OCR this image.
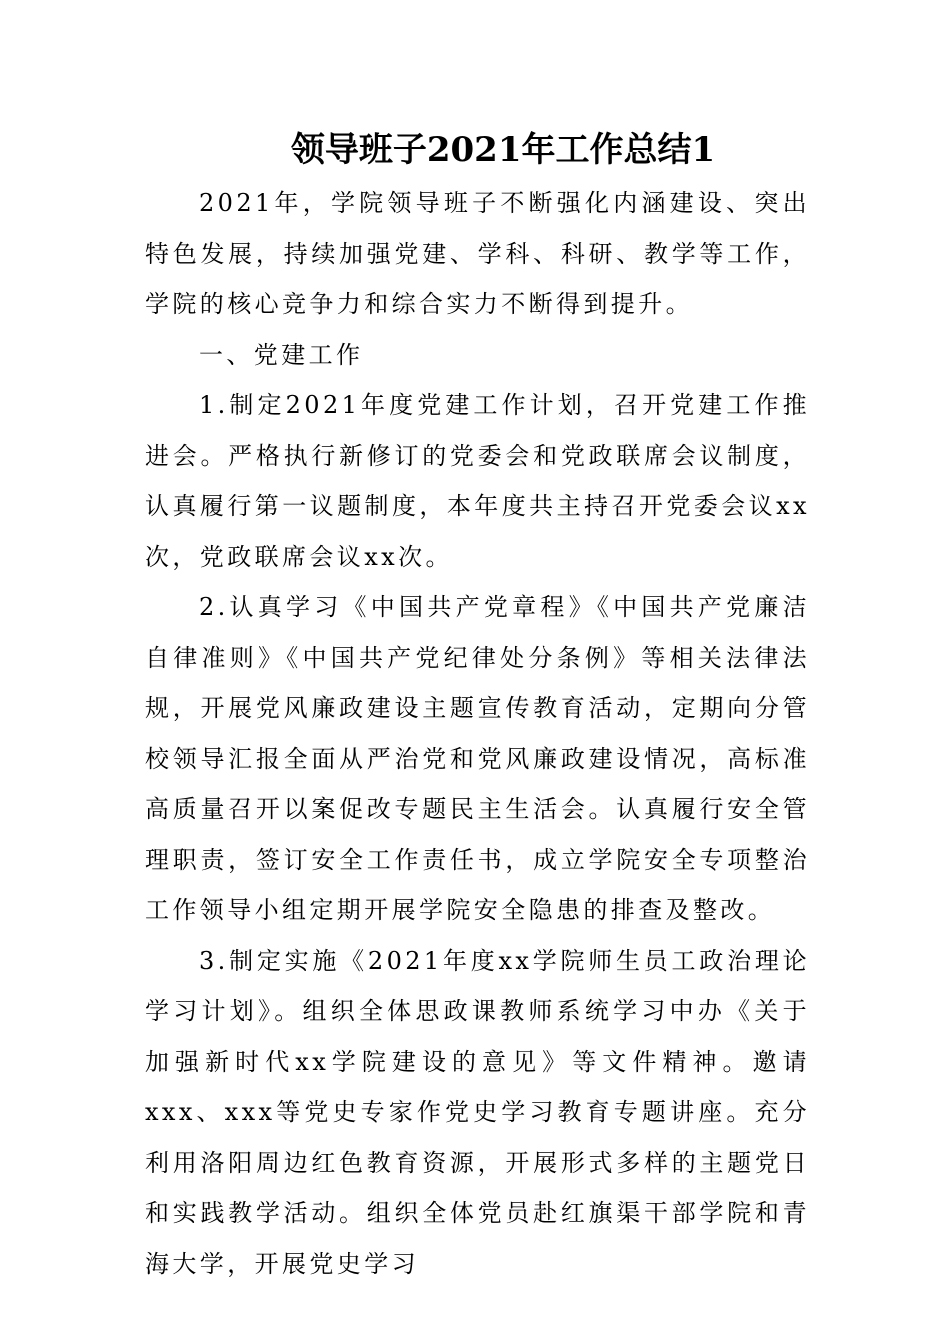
领导班子2021年工作总结1

2021年，学院领导班子不断强化内涵建设、突出特色发展，持续加强党建、学科、科研、教学等工作，学院的核心竞争力和综合实力不断得到提升。

一、党建工作

1.制定2021年度党建工作计划，召开党建工作推进会。严格执行新修订的党委会和党政联席会议制度，认真履行第一议题制度，本年度共主持召开党委会议xx次，党政联席会议xx次。

2.认真学习《中国共产党章程》《中国共产党廉洁自律准则》《中国共产党纪律处分条例》等相关法律法规，开展党风廉政建设主题宣传教育活动，定期向分管校领导汇报全面从严治党和党风廉政建设情况，高标准高质量召开以案促改专题民主生活会。认真履行安全管理职责，签订安全工作责任书，成立学院安全专项整治工作领导小组定期开展学院安全隐患的排查及整改。

3.制定实施《2021年度xx学院师生员工政治理论学习计划》。组织全体思政课教师系统学习中办《关于加强新时代xx学院建设的意见》等文件精神。邀请xxx、xxx等党史专家作党史学习教育专题讲座。充分利用洛阳周边红色教育资源，开展形式多样的主题党日和实践教学活动。组织全体党员赴红旗渠干部学院和青海大学，开展党史学习
